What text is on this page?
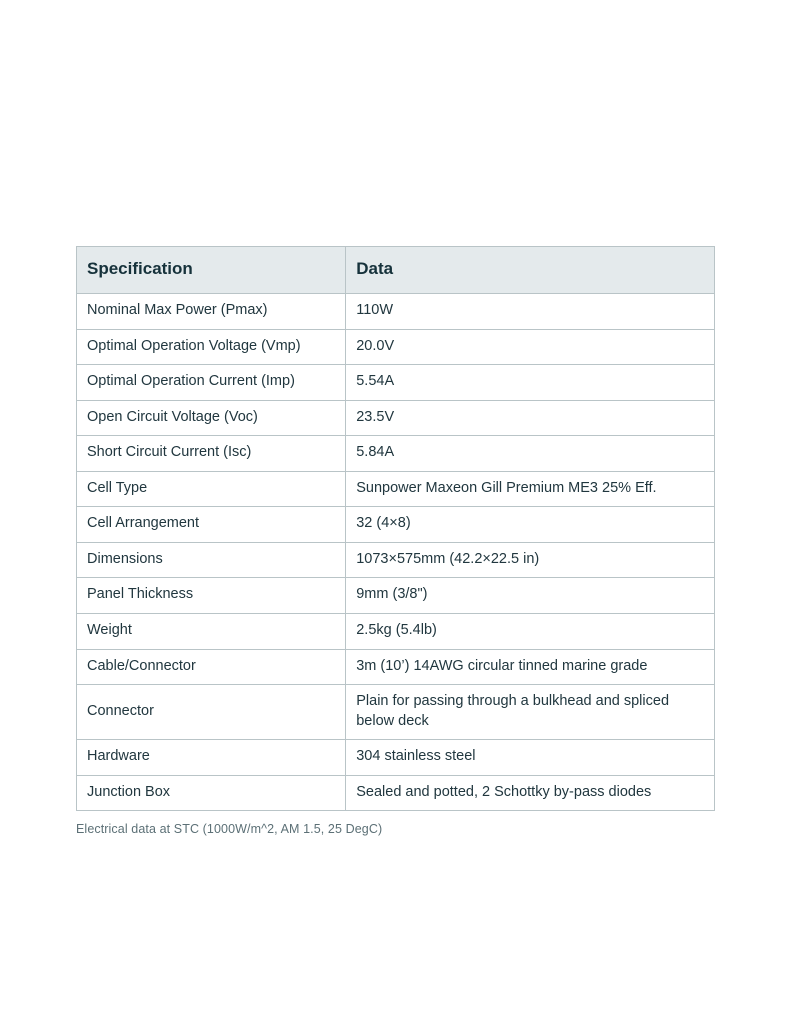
Specification	Data
Nominal Max Power (Pmax)	110W
Optimal Operation Voltage (Vmp)	20.0V
Optimal Operation Current (Imp)	5.54A
Open Circuit Voltage (Voc)	23.5V
Short Circuit Current (Isc)	5.84A
Cell Type	Sunpower Maxeon Gill Premium ME3 25% Eff.
Cell Arrangement	32 (4×8)
Dimensions	1073×575mm (42.2×22.5 in)
Panel Thickness	9mm (3/8")
Weight	2.5kg (5.4lb)
Cable/Connector	3m (10’) 14AWG circular tinned marine grade
Connector	Plain for passing through a bulkhead and spliced below deck
Hardware	304 stainless steel
Junction Box	Sealed and potted, 2 Schottky by-pass diodes
Electrical data at STC (1000W/m^2, AM 1.5, 25 DegC)
